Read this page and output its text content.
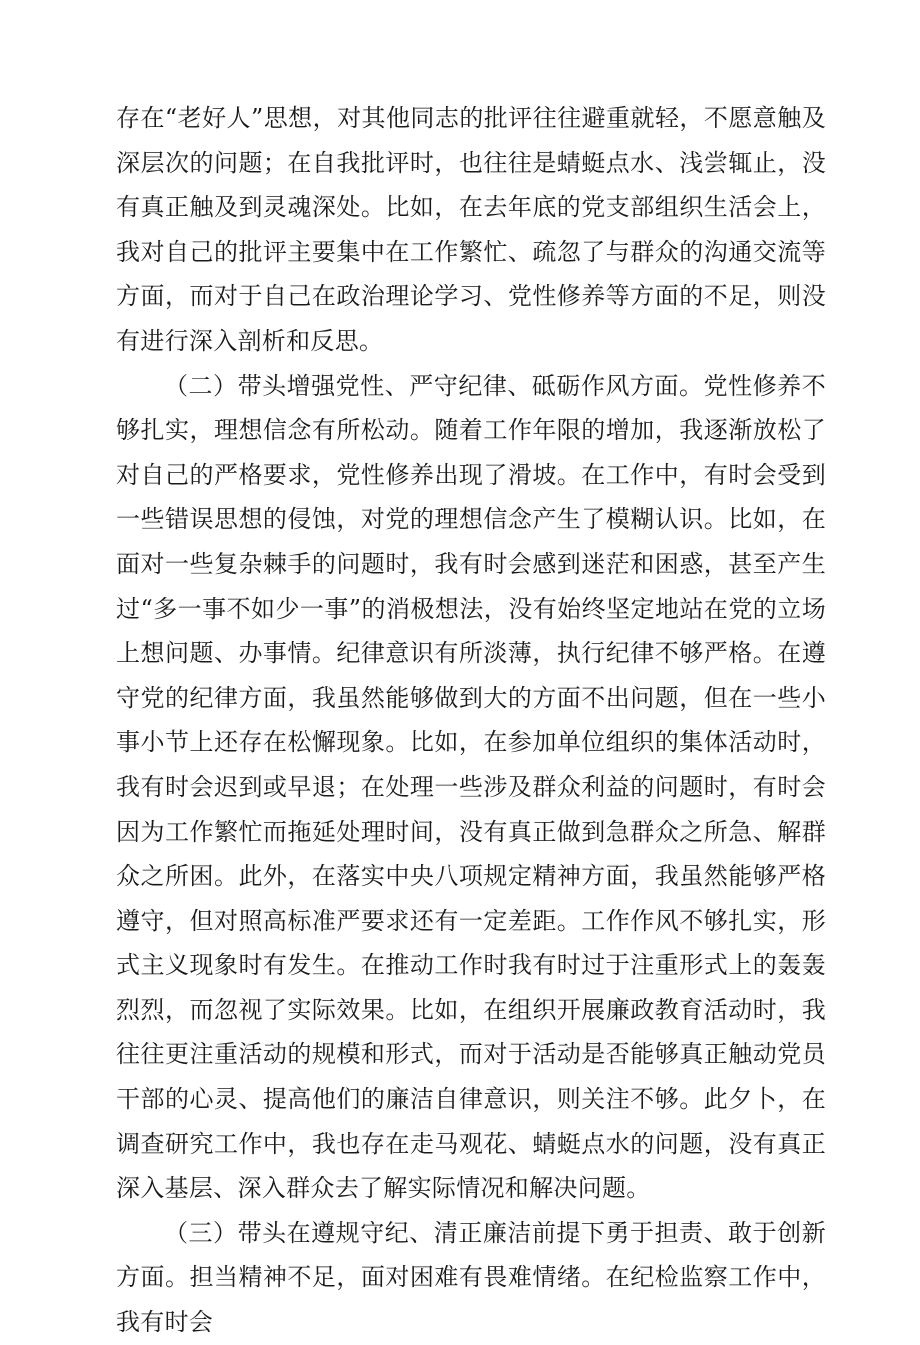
存在“老好人”思想，对其他同志的批评往往避重就轻，不愿意触及深层次的问题；在自我批评时，也往往是蜻蜓点水、浅尝辄止，没有真正触及到灵魂深处。比如，在去年底的党支部组织生活会上，我对自己的批评主要集中在工作繁忙、疏忽了与群众的沟通交流等方面，而对于自己在政治理论学习、党性修养等方面的不足，则没有进行深入剖析和反思。

（二）带头增强党性、严守纪律、砥砺作风方面。党性修养不够扎实，理想信念有所松动。随着工作年限的增加，我逐渐放松了对自己的严格要求，党性修养出现了滑坡。在工作中，有时会受到一些错误思想的侵蚀，对党的理想信念产生了模糊认识。比如，在面对一些复杂棘手的问题时，我有时会感到迷茫和困惑，甚至产生过“多一事不如少一事”的消极想法，没有始终坚定地站在党的立场上想问题、办事情。纪律意识有所淡薄，执行纪律不够严格。在遵守党的纪律方面，我虽然能够做到大的方面不出问题，但在一些小事小节上还存在松懈现象。比如，在参加单位组织的集体活动时，我有时会迟到或早退；在处理一些涉及群众利益的问题时，有时会因为工作繁忙而拖延处理时间，没有真正做到急群众之所急、解群众之所困。此外，在落实中央八项规定精神方面，我虽然能够严格遵守，但对照高标准严要求还有一定差距。工作作风不够扎实，形式主义现象时有发生。在推动工作时我有时过于注重形式上的轰轰烈烈，而忽视了实际效果。比如，在组织开展廉政教育活动时，我往往更注重活动的规模和形式，而对于活动是否能够真正触动党员干部的心灵、提高他们的廉洁自律意识，则关注不够。此夕卜，在调查研究工作中，我也存在走马观花、蜻蜓点水的问题，没有真正深入基层、深入群众去了解实际情况和解决问题。

（三）带头在遵规守纪、清正廉洁前提下勇于担责、敢于创新方面。担当精神不足，面对困难有畏难情绪。在纪检监察工作中，我有时会
